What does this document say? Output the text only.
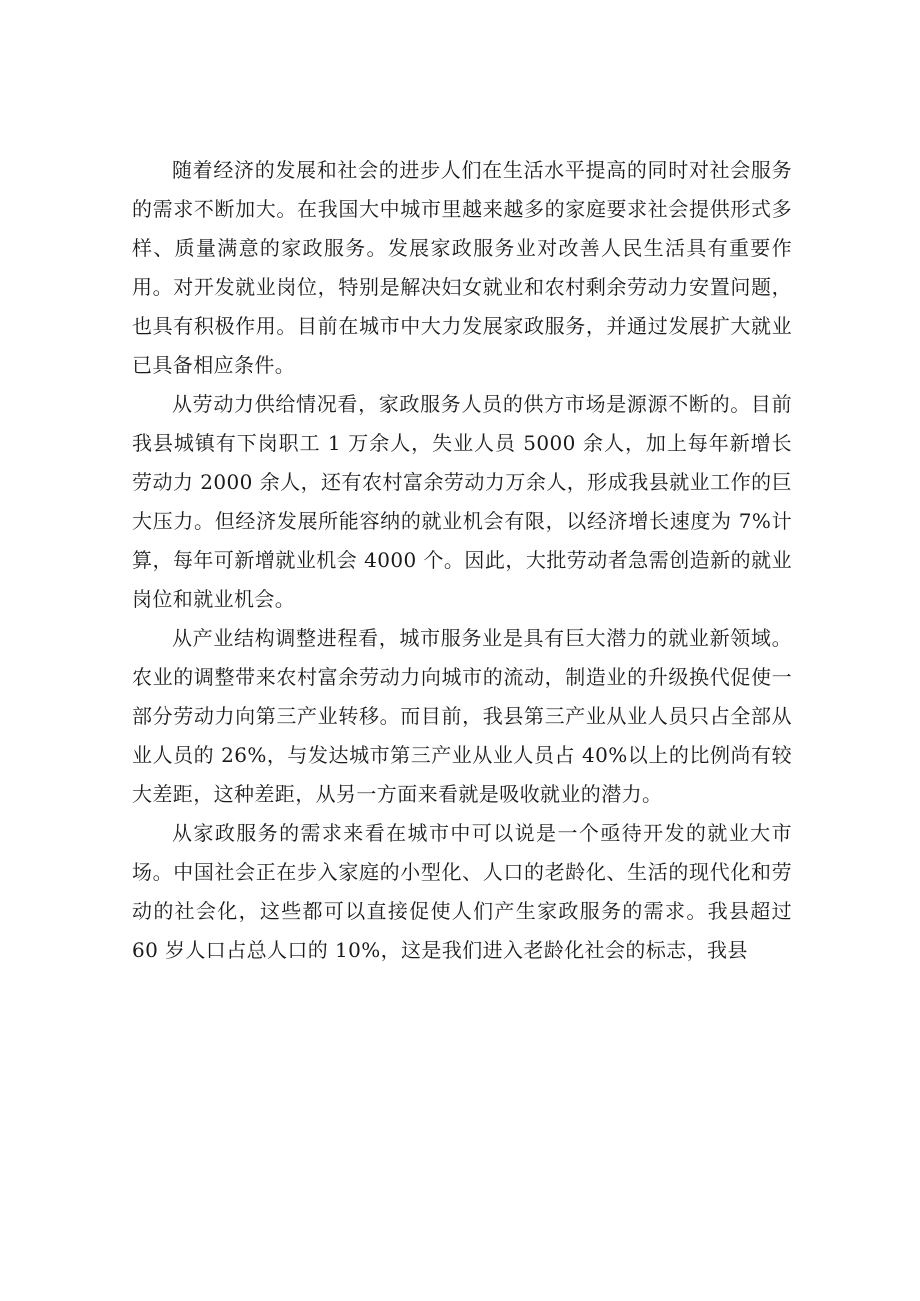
随着经济的发展和社会的进步人们在生活水平提高的同时对社会服务的需求不断加大。在我国大中城市里越来越多的家庭要求社会提供形式多样、质量满意的家政服务。发展家政服务业对改善人民生活具有重要作用。对开发就业岗位，特别是解决妇女就业和农村剩余劳动力安置问题，也具有积极作用。目前在城市中大力发展家政服务，并通过发展扩大就业已具备相应条件。

从劳动力供给情况看，家政服务人员的供方市场是源源不断的。目前我县城镇有下岗职工 1 万余人，失业人员 5000 余人，加上每年新增长劳动力 2000 余人，还有农村富余劳动力万余人，形成我县就业工作的巨大压力。但经济发展所能容纳的就业机会有限，以经济增长速度为 7%计算，每年可新增就业机会 4000 个。因此，大批劳动者急需创造新的就业岗位和就业机会。

从产业结构调整进程看，城市服务业是具有巨大潜力的就业新领域。农业的调整带来农村富余劳动力向城市的流动，制造业的升级换代促使一部分劳动力向第三产业转移。而目前，我县第三产业从业人员只占全部从业人员的 26%，与发达城市第三产业从业人员占 40%以上的比例尚有较大差距，这种差距，从另一方面来看就是吸收就业的潜力。

从家政服务的需求来看在城市中可以说是一个亟待开发的就业大市场。中国社会正在步入家庭的小型化、人口的老龄化、生活的现代化和劳动的社会化，这些都可以直接促使人们产生家政服务的需求。我县超过 60 岁人口占总人口的 10%，这是我们进入老龄化社会的标志，我县
